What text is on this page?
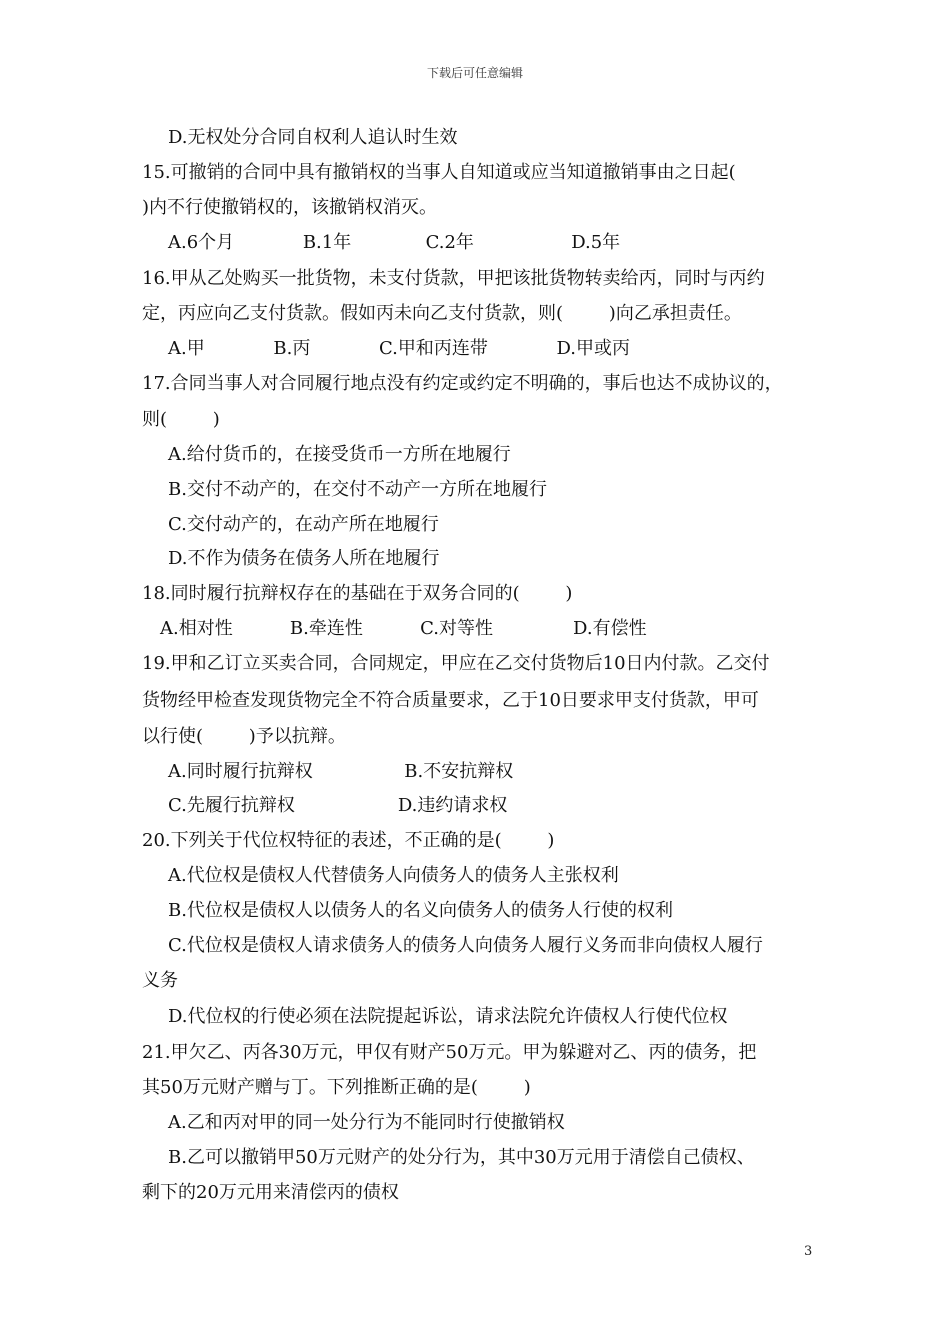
下载后可任意编辑
D.无权处分合同自权利人追认时生效
15.可撤销的合同中具有撤销权的当事人自知道或应当知道撤销事由之日起(
)内不行使撤销权的，该撤销权消灭。
A.6个月            B.1年             C.2年                 D.5年
16.甲从乙处购买一批货物，未支付货款，甲把该批货物转卖给丙，同时与丙约
定，丙应向乙支付货款。假如丙未向乙支付货款，则(        )向乙承担责任。
A.甲            B.丙            C.甲和丙连带            D.甲或丙
17.合同当事人对合同履行地点没有约定或约定不明确的，事后也达不成协议的，
则(        )
A.给付货币的，在接受货币一方所在地履行
B.交付不动产的，在交付不动产一方所在地履行
C.交付动产的，在动产所在地履行
D.不作为债务在债务人所在地履行
18.同时履行抗辩权存在的基础在于双务合同的(        )
A.相对性          B.牵连性          C.对等性              D.有偿性
19.甲和乙订立买卖合同，合同规定，甲应在乙交付货物后10日内付款。乙交付
货物经甲检查发现货物完全不符合质量要求，乙于10日要求甲支付货款，甲可
以行使(        )予以抗辩。
A.同时履行抗辩权                B.不安抗辩权
C.先履行抗辩权                  D.违约请求权
20.下列关于代位权特征的表述，不正确的是(        )
A.代位权是债权人代替债务人向债务人的债务人主张权利
B.代位权是债权人以债务人的名义向债务人的债务人行使的权利
C.代位权是债权人请求债务人的债务人向债务人履行义务而非向债权人履行
义务
D.代位权的行使必须在法院提起诉讼，请求法院允许债权人行使代位权
21.甲欠乙、丙各30万元，甲仅有财产50万元。甲为躲避对乙、丙的债务，把
其50万元财产赠与丁。下列推断正确的是(        )
A.乙和丙对甲的同一处分行为不能同时行使撤销权
B.乙可以撤销甲50万元财产的处分行为，其中30万元用于清偿自己债权、
剩下的20万元用来清偿丙的债权
3
